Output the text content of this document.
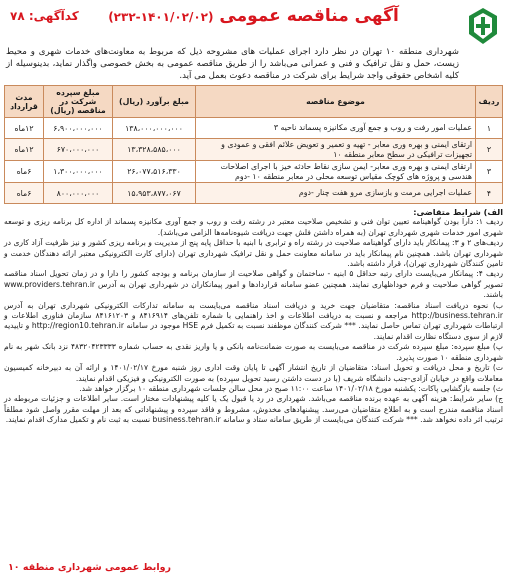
آگهی مناقصه عمومی (۱۴۰۱/۰۲/۰۲-۲۳۲)
کدآگهی: ۷۸
شهرداری منطقه ۱۰ تهران در نظر دارد اجرای عملیات های مشروحه ذیل که مربوط به معاونت‌های خدمات شهری و محیط زیست، حمل و نقل ترافیک و فنی و عمرانی می‌باشد را از طریق مناقصه عمومی به بخش خصوصی واگذار نماید، بدینوسیله از کلیه اشخاص حقوقی واجد شرایط برای شرکت در مناقصه دعوت بعمل می آید.
ردیف	موضوع مناقصه	مبلغ برآورد (ریال)	مبلغ سپرده شرکت در مناقصه (ریال)	مدت قرارداد
۱	عملیات امور رفت و روب و جمع آوری مکانیزه پسماند ناحیه ۳	۱۳۸،۰۰۰،۰۰۰،۰۰۰	۶،۹۰۰،۰۰۰،۰۰۰	۱۲ماه
۲	ارتقای ایمنی و بهره وری معابر - تهیه و تعمیر و تعویض علائم افقی و عمودی و تجهیزات ترافیکی در سطح معابر منطقه ۱۰	۱۳،۳۲۸،۵۸۵،۰۰۰	۶۷۰،۰۰۰،۰۰۰	۱۲ماه
۳	ارتقای ایمنی و بهره وری معابر- ایمن سازی نقاط حادثه خیز با اجرای اصلاحات هندسی و پروژه های کوچک مقیاس توسعه محلی در معابر منطقه ۱۰ -دوم	۲۶،۰۷۷،۵۱۶،۳۳۰	۱،۳۰۰،۰۰۰،۰۰۰	۶ماه
۴	عملیات اجرایی مرمت و بازسازی مرو هفت چنار -دوم	۱۵،۹۵۳،۸۷۷،۰۶۷	۸۰۰،۰۰۰،۰۰۰	۶ماه

الف) شرایط متقاضی:

ردیف ۱: دارا بودن گواهینامه تعیین توان فنی و تشخیص صلاحیت معتبر در رشته رفت و روب و جمع آوری مکانیزه پسماند از اداره کل برنامه ریزی و توسعه شهری امور خدمات شهری شهرداری تهران (به همراه داشتن فلش جهت دریافت شیوه‌نامه‌ها الزامی می‌باشد).

ردیف‌های ۲ و ۳: پیمانکار باید دارای گواهینامه صلاحیت در رشته راه و ترابری با ابنیه با حداقل پایه پنج از مدیریت و برنامه ریزی کشور و نیز ظرفیت آزاد کاری در شهرداری تهران باشد. همچنین نام پیمانکار باید در سامانه معاونت حمل و نقل ترافیک شهرداری تهران (دارای کارت الکترونیکی معتبر ارائه دهندگان خدمت و تامین کنندگان شهرداری تهران)، قرار داشته باشد.

ردیف ۴: پیمانکار می‌بایست دارای رتبه حداقل ۵ ابنیه - ساختمان و گواهی صلاحیت از سازمان برنامه و بودجه کشور را دارا و در زمان تحویل اسناد مناقصه تصویر گواهی صلاحیت و فرم خوداظهاری نمایند. همچنین عضو سامانه قراردادها و امور پیمانکاران در شهرداری تهران به آدرس www.providers.tehran.ir باشند.

ب) نحوه دریافت اسناد مناقصه: متقاضیان جهت خرید و دریافت اسناد مناقصه می‌بایست به سامانه تدارکات الکترونیکی شهرداری تهران به آدرس http://business.tehran.ir مراجعه و نسبت به دریافت اطلاعات و اخذ راهنمایی با شماره تلفن‌های ۸۴۱۶۹۱۴ و ۸۴۱۶۱۲۰۳ سازمان فناوری اطلاعات و ارتباطات شهرداری تهران تماس حاصل نمایند. *** شرکت کنندگان موظفند نسبت به تکمیل فرم HSE موجود در سامانه http://region10.tehran.ir و تاییدیه لازم از سوی دستگاه نظارت اقدام نمایند.

پ) مبلغ سپرده: مبلغ سپرده شرکت در مناقصه می‌بایست به صورت ضمانت‌نامه بانکی و یا واریز نقدی به حساب شماره ۴۸۳۲۰۴۲۳۳۳۳ نزد بانک شهر به نام شهرداری منطقه ۱۰ صورت پذیرد.

ت) تاریخ و محل دریافت و تحویل اسناد: متقاضیان از تاریخ انتشار آگهی تا پایان وقت اداری روز شنبه مورخ ۱۴۰۱/۰۲/۱۷ و ارائه آن به دبیرخانه کمیسیون معاملات واقع در خیابان آزادی-جنب دانشگاه شریف (با در دست داشتن رسید تحویل سپرده) به صورت الکترونیکی و فیزیکی اقدام نمایند.

ث) جلسه بازگشایی پاکات: یکشنبه مورخ ۱۴۰۱/۰۲/۱۸ ساعت ۱۱:۰۰ صبح در محل سالن جلسات شهرداری منطقه ۱۰ برگزار خواهد شد.

ج) سایر شرایط: هزینه آگهی به عهده برنده مناقصه می‌باشد. شهرداری در رد یا قبول یک یا کلیه پیشنهادات مختار است. سایر اطلاعات و جزئیات مربوطه در اسناد مناقصه مندرج است و به اطلاع متقاضیان می‌رسد. پیشنهادهای مخدوش، مشروط و فاقد سپرده و پیشنهاداتی که بعد از مهلت مقرر واصل شود مطلقاً ترتیب اثر داده نخواهد شد. *** شرکت کنندگان می‌بایست از طریق سامانه ستاد و سامانه business.tehran.ir نسبت به ثبت نام و تکمیل مدارک اقدام نمایند.

روابط عمومی شهرداری منطقه ۱۰
